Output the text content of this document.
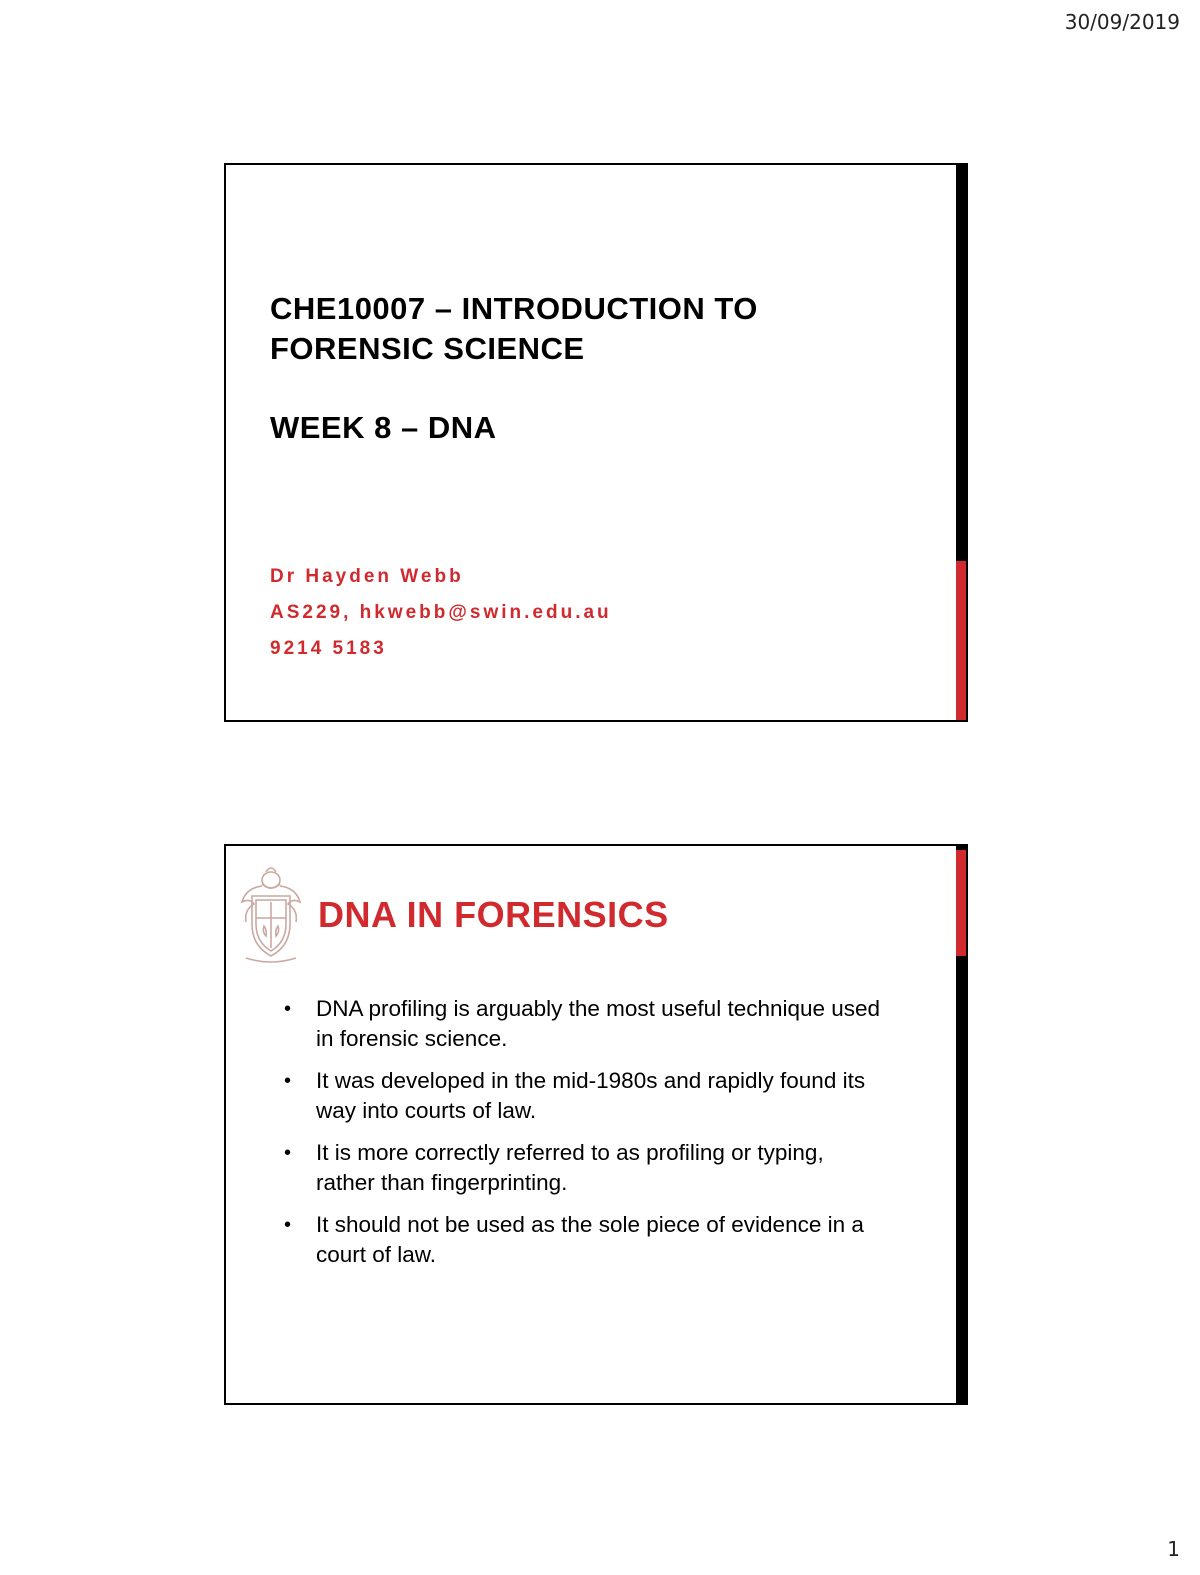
30/09/2019
CHE10007 – INTRODUCTION TO
FORENSIC SCIENCE
WEEK 8 – DNA
Dr Hayden Webb
AS229, hkwebb@swin.edu.au
9214 5183
DNA IN FORENSICS
• DNA profiling is arguably the most useful technique used in forensic science.
• It was developed in the mid-1980s and rapidly found its way into courts of law.
• It is more correctly referred to as profiling or typing, rather than fingerprinting.
• It should not be used as the sole piece of evidence in a court of law.
1
